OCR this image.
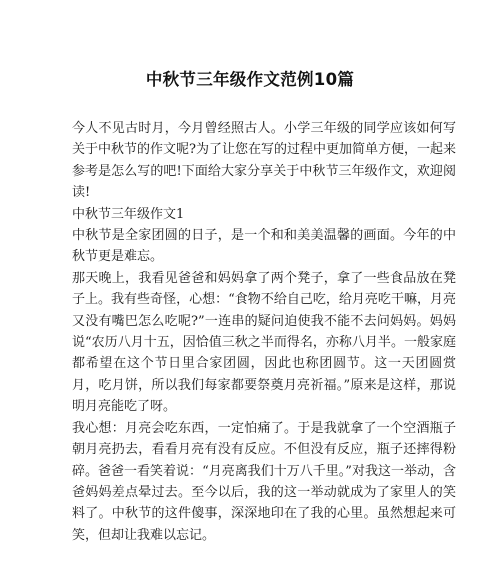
中秋节三年级作文范例10篇

今人不见古时月，今月曾经照古人。小学三年级的同学应该如何写关于中秋节的作文呢?为了让您在写的过程中更加简单方便，一起来参考是怎么写的吧!下面给大家分享关于中秋节三年级作文，欢迎阅读!

中秋节三年级作文1

中秋节是全家团圆的日子，是一个和和美美温馨的画面。今年的中秋节更是难忘。

那天晚上，我看见爸爸和妈妈拿了两个凳子，拿了一些食品放在凳子上。我有些奇怪，心想：“食物不给自己吃，给月亮吃干嘛，月亮又没有嘴巴怎么吃呢?”一连串的疑问迫使我不能不去问妈妈。妈妈说“农历八月十五，因恰值三秋之半而得名，亦称八月半。一般家庭都希望在这个节日里合家团圆，因此也称团圆节。这一天团圆赏月，吃月饼，所以我们每家都要祭奠月亮祈福。”原来是这样，那说明月亮能吃了呀。

我心想：月亮会吃东西，一定怕痛了。于是我就拿了一个空酒瓶子朝月亮扔去，看看月亮有没有反应。不但没有反应，瓶子还摔得粉碎。爸爸一看笑着说：“月亮离我们十万八千里。”对我这一举动，含爸妈妈差点晕过去。至今以后，我的这一举动就成为了家里人的笑料了。中秋节的这件傻事，深深地印在了我的心里。虽然想起来可笑，但却让我难以忘记。
